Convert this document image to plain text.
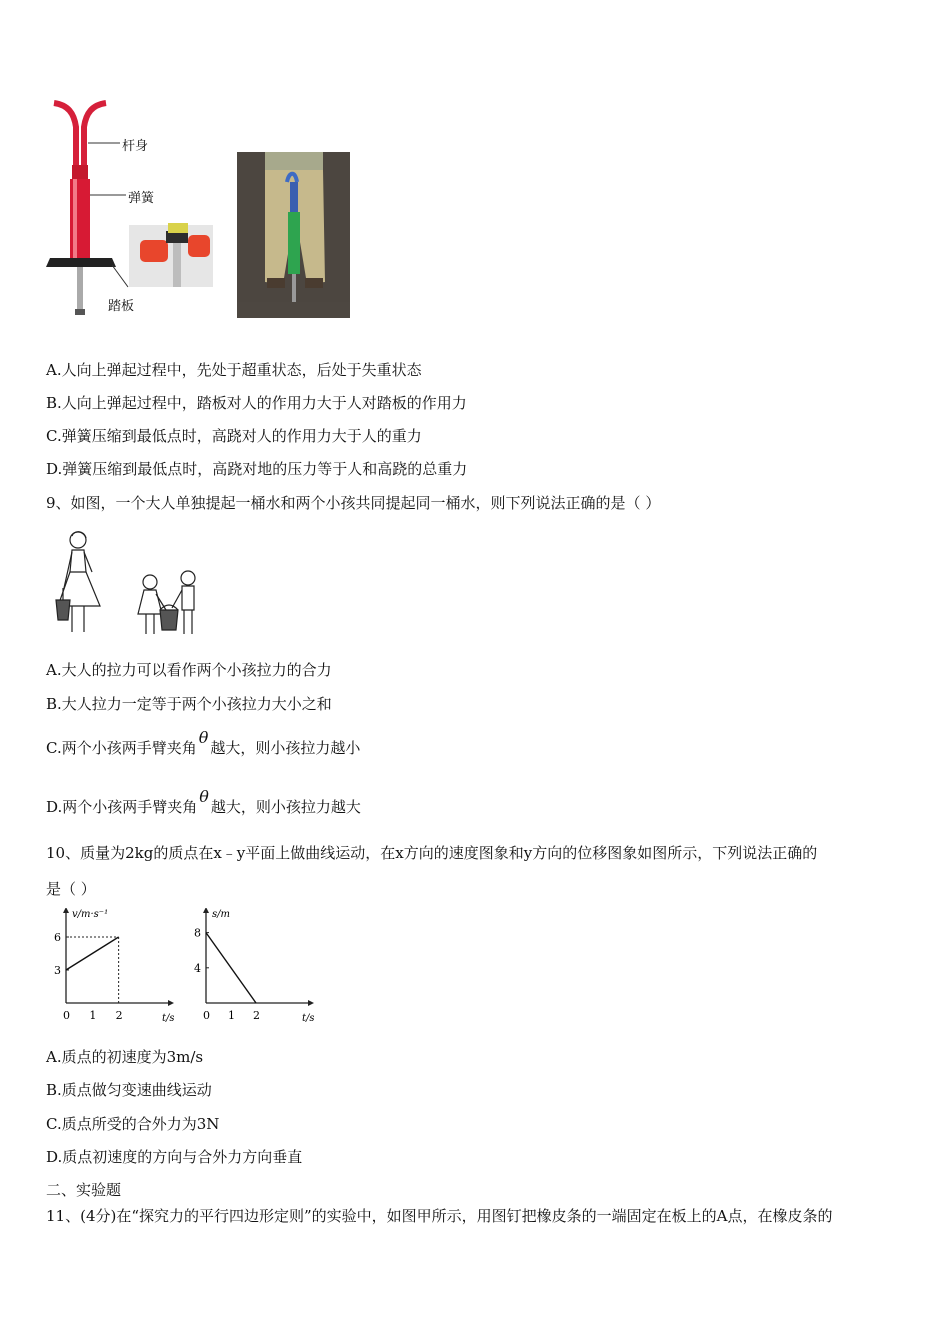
杆身
弹簧
踏板
A.人向上弹起过程中，先处于超重状态，后处于失重状态
B.人向上弹起过程中，踏板对人的作用力大于人对踏板的作用力
C.弹簧压缩到最低点时，高跷对人的作用力大于人的重力
D.弹簧压缩到最低点时，高跷对地的压力等于人和高跷的总重力
9、如图，一个大人单独提起一桶水和两个小孩共同提起同一桶水，则下列说法正确的是（ ）
A.大人的拉力可以看作两个小孩拉力的合力
B.大人拉力一定等于两个小孩拉力大小之和
C.两个小孩两手臂夹角θ越大，则小孩拉力越小
D.两个小孩两手臂夹角θ越大，则小孩拉力越大
10、质量为2kg的质点在x﹣y平面上做曲线运动，在x方向的速度图象和y方向的位移图象如图所示，下列说法正确的
是（ ）
v/m·s⁻¹
t/s
0 1 2
3
6
s/m
t/s
0 1 2
4
8
A.质点的初速度为3m/s
B.质点做匀变速曲线运动
C.质点所受的合外力为3N
D.质点初速度的方向与合外力方向垂直
二、实验题
11、(4分)在“探究力的平行四边形定则”的实验中，如图甲所示，用图钉把橡皮条的一端固定在板上的A点，在橡皮条的
